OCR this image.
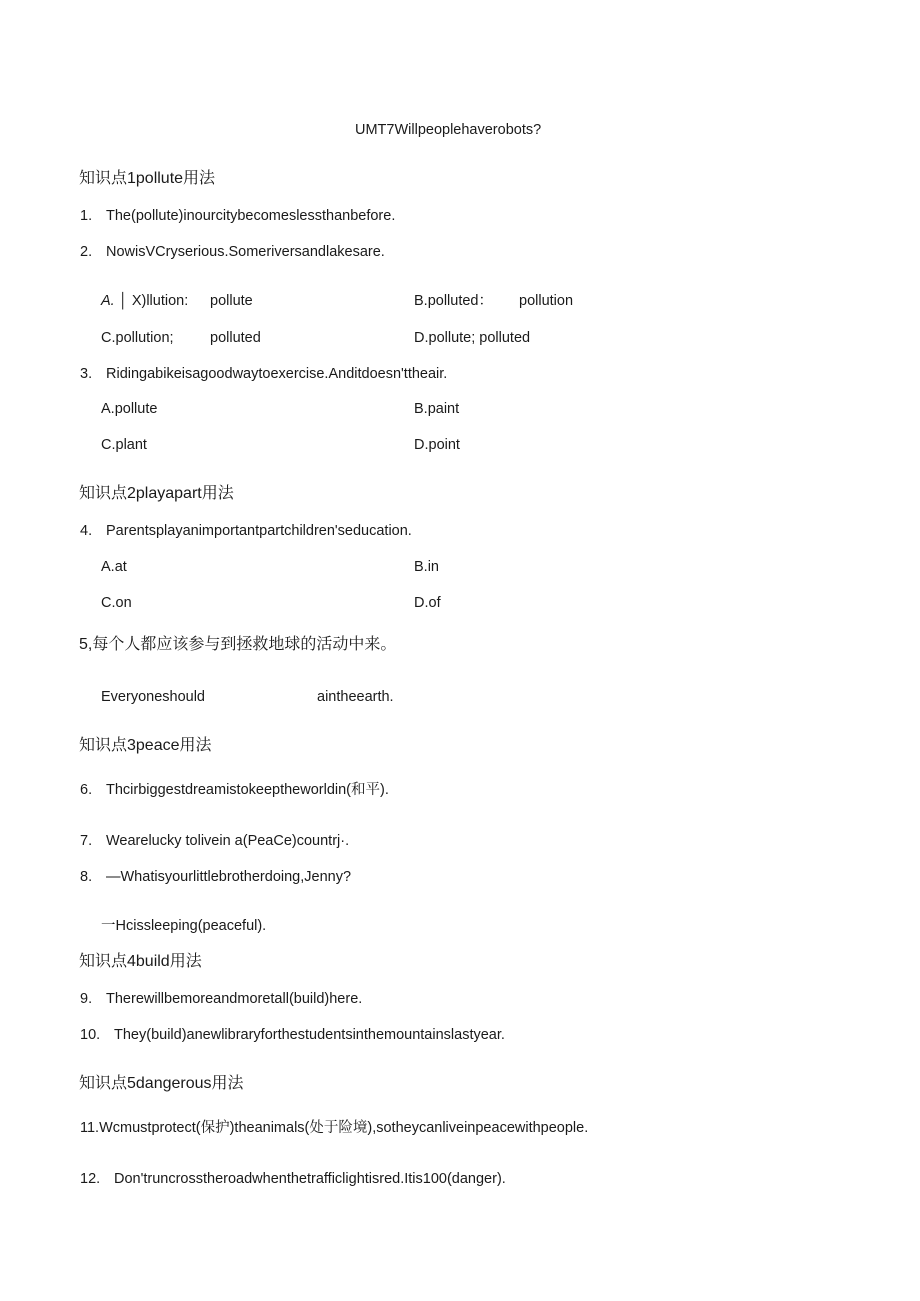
UMT7Willpeoplehaverobots?
知识点1pollute用法
1. The(pollute)inourcitybecomeslessthanbefore.
2. NowisVCryserious.Someriversandlakesare.
A. │ X)llution: pollute	B.polluted： pollution
C.pollution;	polluted	D.pollute; polluted
3. Ridingabikeisagoodwaytoexercise.Anditdoesn'ttheair.
A.pollute	B.paint
C.plant	D.point
知识点2playapart用法
4. Parentsplayanimportantpartchildren'seducation.
A.at	B.in
C.on	D.of
5,每个人都应该参与到拯救地球的活动中来。
Everyoneshould	aintheearth.
知识点3peace用法
6. Thcirbiggestdreamistokeeptheworldin(和平).
7. Wearelucky tolivein a(PeaCe)countrj·.
8. —Whatisyourlittlebrotherdoing,Jenny?
一Hcissleeping(peaceful).
知识点4build用法
9. Therewillbemoreandmoretall(build)here.
10. They(build)anewlibraryforthestudentsinthemountainslastyear.
知识点5dangerous用法
11.Wcmustprotect(保护)theanimals(处于险境),sotheycanliveinpeacewithpeople.
12. Don'truncrosstheroadwhenthetrafficlightisred.Itis100(danger).
